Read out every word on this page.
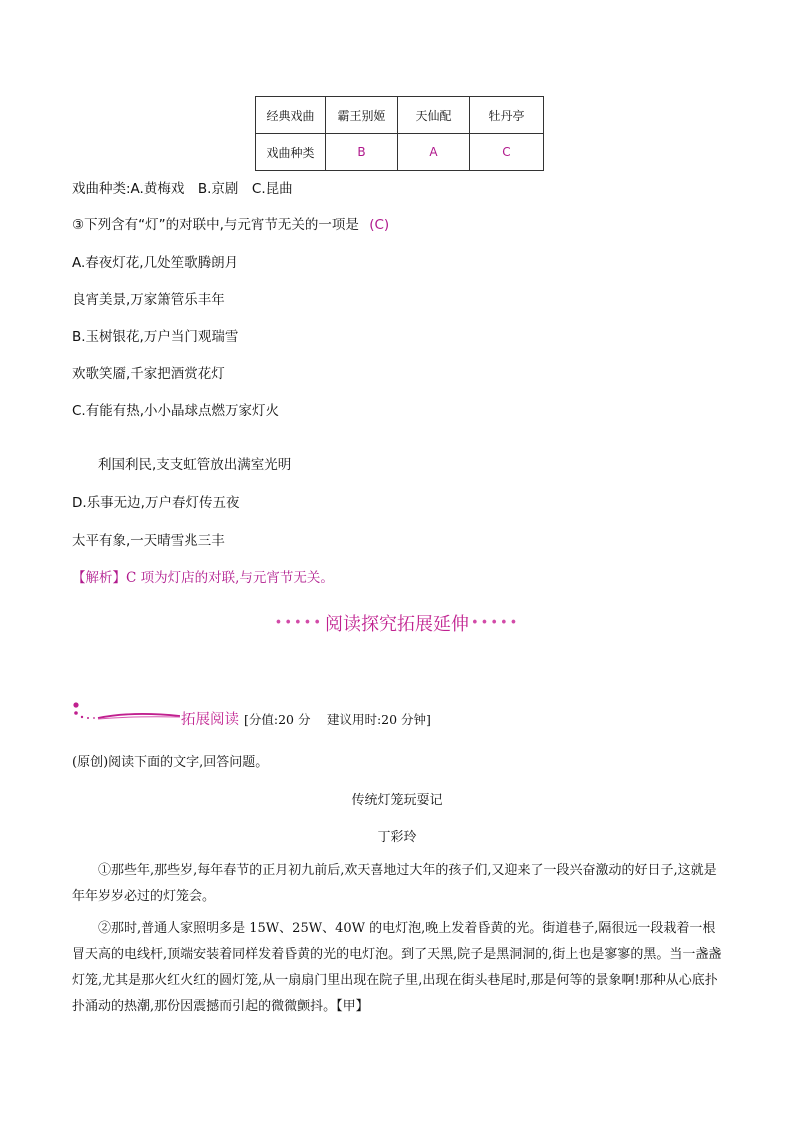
经典戏曲	霸王别姬	天仙配	牡丹亭
戏曲种类	B	A	C
戏曲种类:A.黄梅戏　B.京剧　C.昆曲
③下列含有“灯”的对联中,与元宵节无关的一项是 (C)
A.春夜灯花,几处笙歌腾朗月
良宵美景,万家箫管乐丰年
B.玉树银花,万户当门观瑞雪
欢歌笑靥,千家把酒赏花灯
C.有能有热,小小晶球点燃万家灯火
利国利民,支支虹管放出满室光明
D.乐事无边,万户春灯传五夜
太平有象,一天晴雪兆三丰
【解析】C 项为灯店的对联,与元宵节无关。
••••• 阅读探究拓展延伸 •••••
拓展阅读 [分值:20 分　 建议用时:20 分钟]
(原创)阅读下面的文字,回答问题。
传统灯笼玩耍记
丁彩玲
①那些年,那些岁,每年春节的正月初九前后,欢天喜地过大年的孩子们,又迎来了一段兴奋激动的好日子,这就是年年岁岁必过的灯笼会。
②那时,普通人家照明多是 15W、25W、40W 的电灯泡,晚上发着昏黄的光。街道巷子,隔很远一段栽着一根冒天高的电线杆,顶端安装着同样发着昏黄的光的电灯泡。到了天黑,院子是黑洞洞的,街上也是寥寥的黑。当一盏盏灯笼,尤其是那火红火红的圆灯笼,从一扇扇门里出现在院子里,出现在街头巷尾时,那是何等的景象啊!那种从心底扑扑涌动的热潮,那份因震撼而引起的微微颤抖。【甲】
